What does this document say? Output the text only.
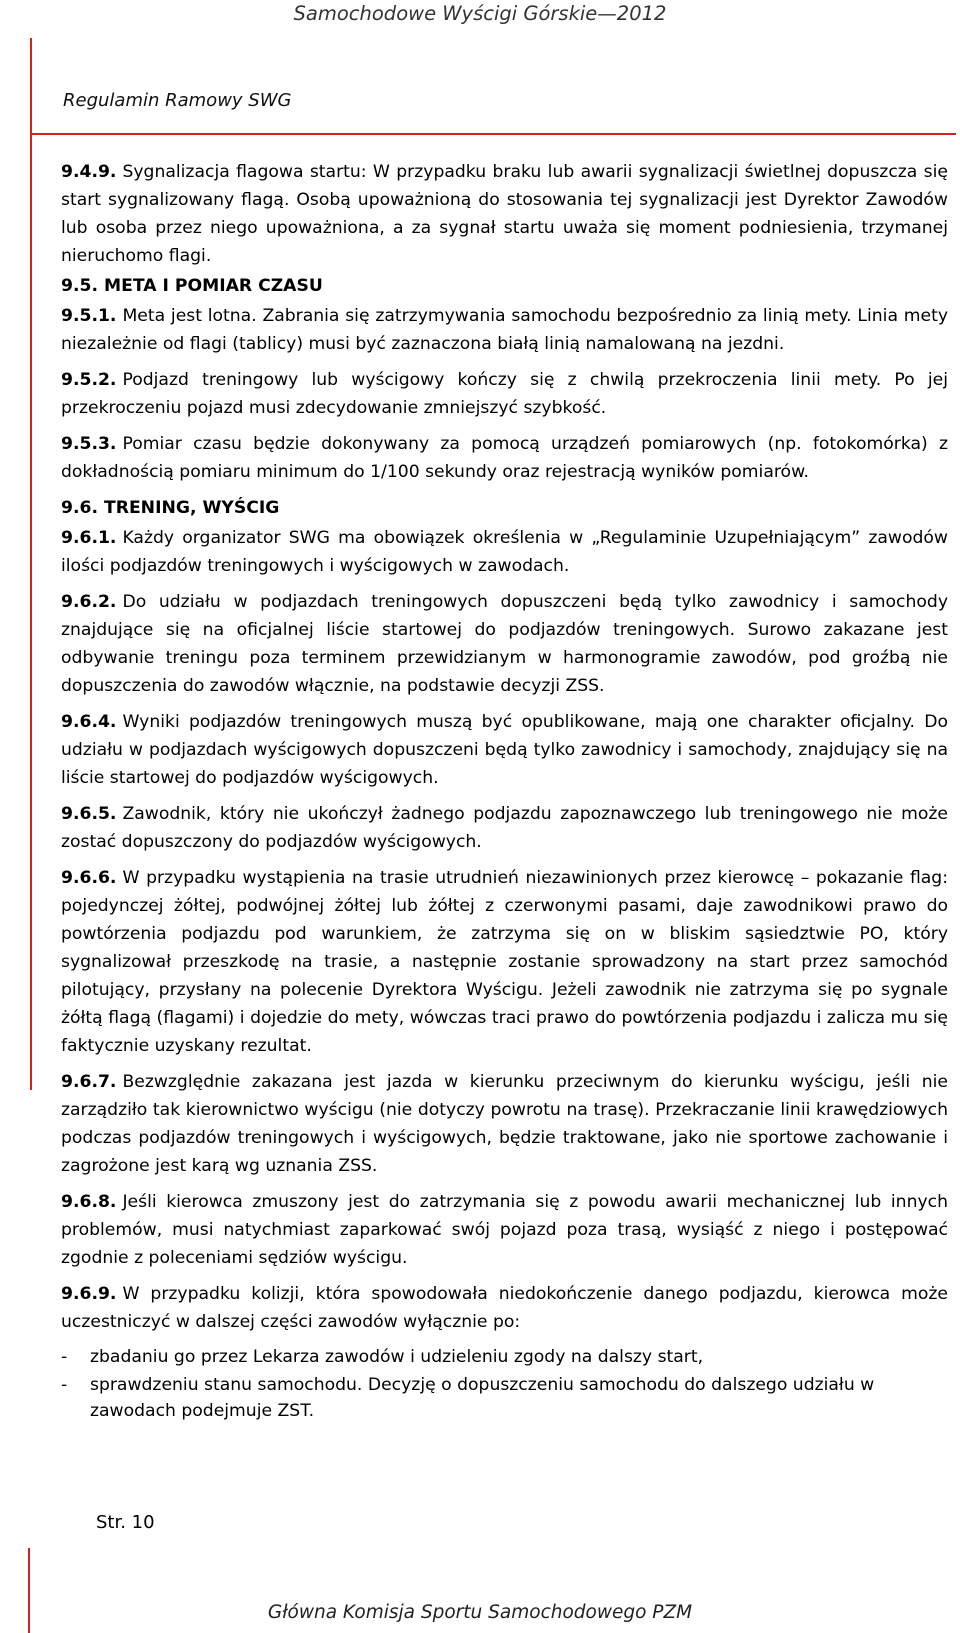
Samochodowe Wyścigi Górskie—2012
Regulamin Ramowy SWG

9.4.9. Sygnalizacja flagowa startu: W przypadku braku lub awarii sygnalizacji świetlnej dopuszcza się start sygnalizowany flagą. Osobą upoważnioną do stosowania tej sygnalizacji jest Dyrektor Zawodów lub osoba przez niego upoważniona, a za sygnał startu uważa się moment podniesienia, trzymanej nieruchomo flagi.

9.5. META I POMIAR CZASU

9.5.1. Meta jest lotna. Zabrania się zatrzymywania samochodu bezpośrednio za linią mety. Linia mety niezależnie od flagi (tablicy) musi być zaznaczona białą linią namalowaną na jezdni.

9.5.2. Podjazd treningowy lub wyścigowy kończy się z chwilą przekroczenia linii mety. Po jej przekroczeniu pojazd musi zdecydowanie zmniejszyć szybkość.

9.5.3. Pomiar czasu będzie dokonywany za pomocą urządzeń pomiarowych (np. fotokomórka) z dokładnością pomiaru minimum do 1/100 sekundy oraz rejestracją wyników pomiarów.

9.6. TRENING, WYŚCIG

9.6.1. Każdy organizator SWG ma obowiązek określenia w „Regulaminie Uzupełniającym” zawodów ilości podjazdów treningowych i wyścigowych w zawodach.

9.6.2. Do udziału w podjazdach treningowych dopuszczeni będą tylko zawodnicy i samochody znajdujące się na oficjalnej liście startowej do podjazdów treningowych. Surowo zakazane jest odbywanie treningu poza terminem przewidzianym w harmonogramie zawodów, pod groźbą nie dopuszczenia do zawodów włącznie, na podstawie decyzji ZSS.

9.6.4. Wyniki podjazdów treningowych muszą być opublikowane, mają one charakter oficjalny. Do udziału w podjazdach wyścigowych dopuszczeni będą tylko zawodnicy i samochody, znajdujący się na liście startowej do podjazdów wyścigowych.

9.6.5. Zawodnik, który nie ukończył żadnego podjazdu zapoznawczego lub treningowego nie może zostać dopuszczony do podjazdów wyścigowych.

9.6.6. W przypadku wystąpienia na trasie utrudnień niezawinionych przez kierowcę – pokazanie flag: pojedynczej żółtej, podwójnej żółtej lub żółtej z czerwonymi pasami, daje zawodnikowi prawo do powtórzenia podjazdu pod warunkiem, że zatrzyma się on w bliskim sąsiedztwie PO, który sygnalizował przeszkodę na trasie, a następnie zostanie sprowadzony na start przez samochód pilotujący, przysłany na polecenie Dyrektora Wyścigu. Jeżeli zawodnik nie zatrzyma się po sygnale żółtą flagą (flagami) i dojedzie do mety, wówczas traci prawo do powtórzenia podjazdu i zalicza mu się faktycznie uzyskany rezultat.

9.6.7. Bezwzględnie zakazana jest jazda w kierunku przeciwnym do kierunku wyścigu, jeśli nie zarządziło tak kierownictwo wyścigu (nie dotyczy powrotu na trasę). Przekraczanie linii krawędziowych podczas podjazdów treningowych i wyścigowych, będzie traktowane, jako nie sportowe zachowanie i zagrożone jest karą wg uznania ZSS.

9.6.8. Jeśli kierowca zmuszony jest do zatrzymania się z powodu awarii mechanicznej lub innych problemów, musi natychmiast zaparkować swój pojazd poza trasą, wysiąść z niego i postępować zgodnie z poleceniami sędziów wyścigu.

9.6.9. W przypadku kolizji, która spowodowała niedokończenie danego podjazdu, kierowca może uczestniczyć w dalszej części zawodów wyłącznie po:

- zbadaniu go przez Lekarza zawodów i udzieleniu zgody na dalszy start,
- sprawdzeniu stanu samochodu. Decyzję o dopuszczeniu samochodu do dalszego udziału w zawodach podejmuje ZST.
Str. 10
Główna Komisja Sportu Samochodowego PZM
